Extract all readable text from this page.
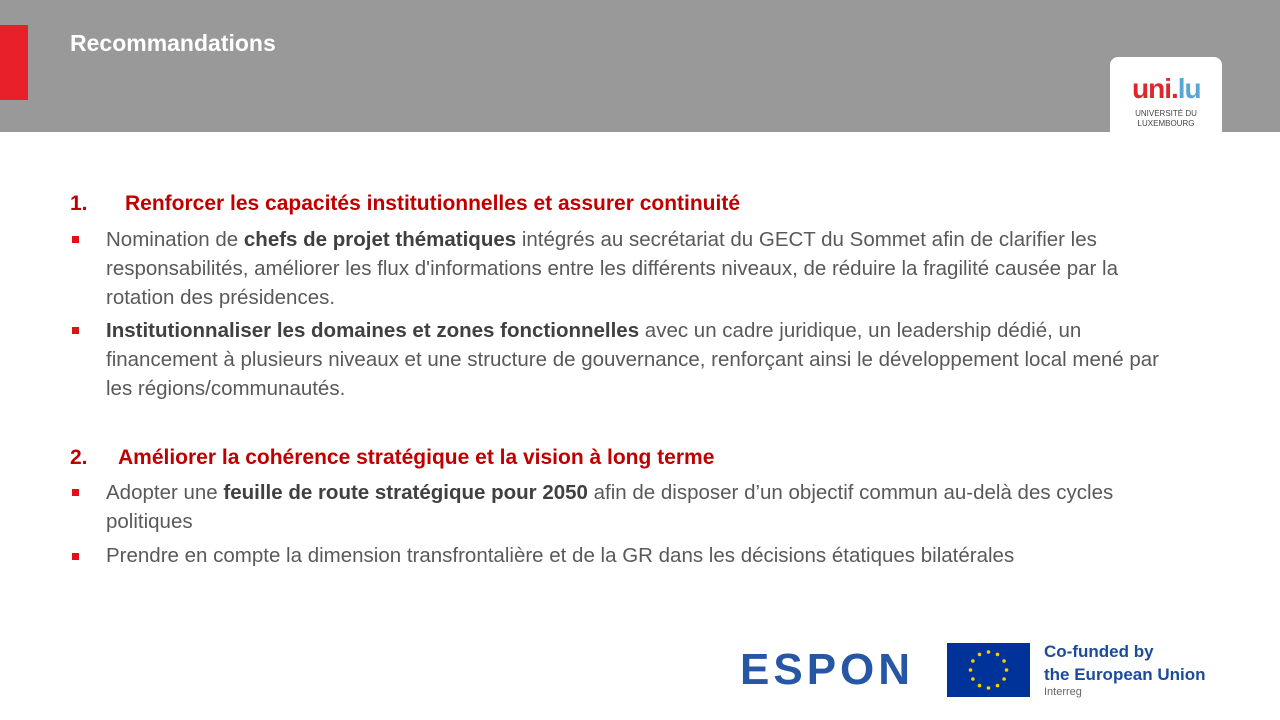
Recommandations
uni.lu
UNIVERSITÉ DU
LUXEMBOURG
1. Renforcer les capacités institutionnelles et assurer continuité
Nomination de chefs de projet thématiques intégrés au secrétariat du GECT du Sommet afin de clarifier les responsabilités, améliorer les flux d'informations entre les différents niveaux, de réduire la fragilité causée par la rotation des présidences.
Institutionnaliser les domaines et zones fonctionnelles avec un cadre juridique, un leadership dédié, un financement à plusieurs niveaux et une structure de gouvernance, renforçant ainsi le développement local mené par les régions/communautés.
2. Améliorer la cohérence stratégique et la vision à long terme
Adopter une feuille de route stratégique pour 2050 afin de disposer d’un objectif commun au-delà des cycles politiques
Prendre en compte la dimension transfrontalière et de la GR dans les décisions étatiques bilatérales
ESPON	Co-funded by
the European Union
Interreg
